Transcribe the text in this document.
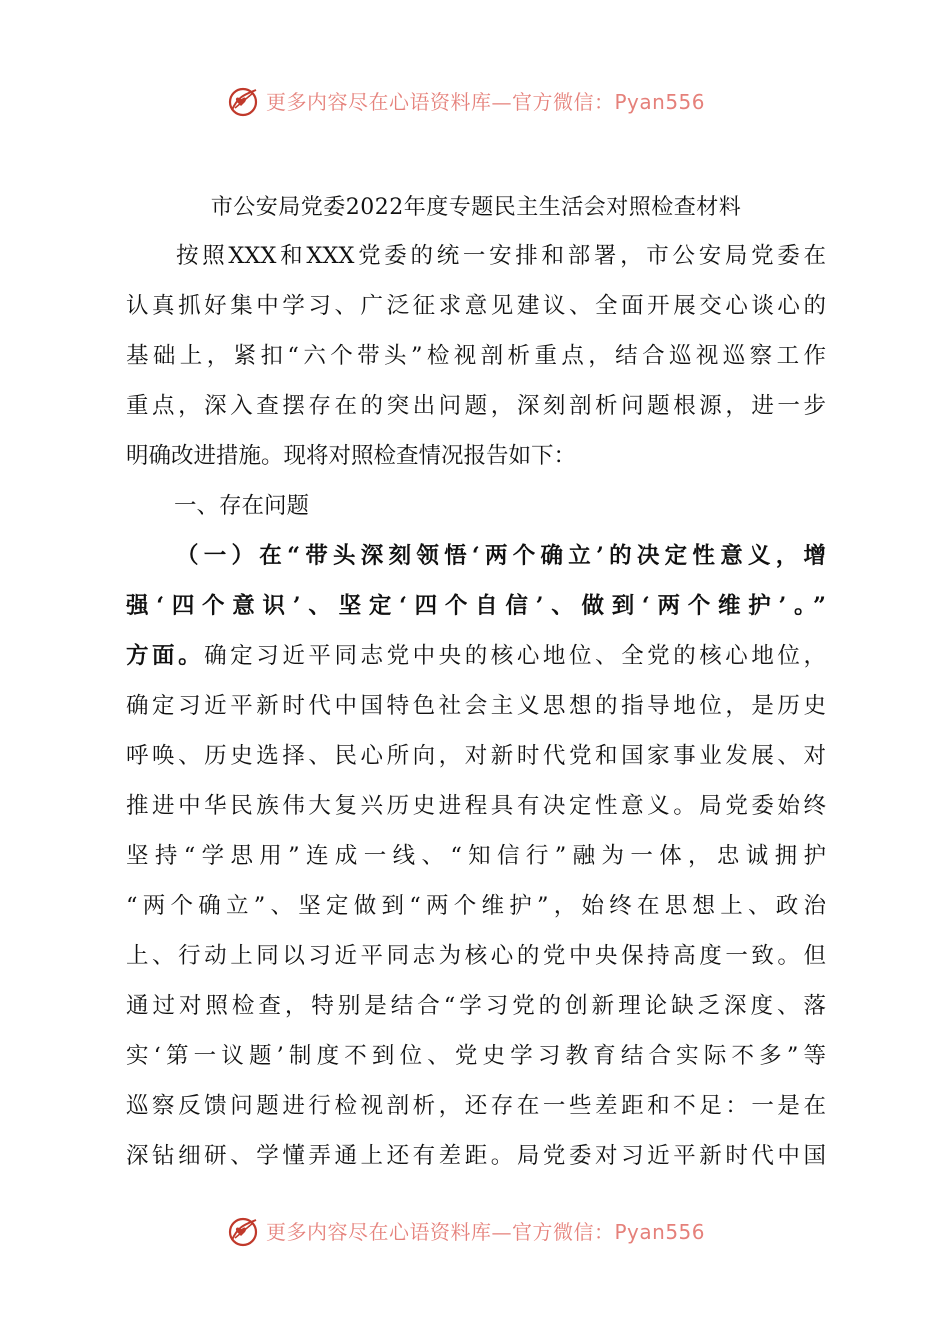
更多内容尽在心语资料库—官方微信：Pyan556
市公安局党委2022年度专题民主生活会对照检查材料
按照XXX和XXX党委的统一安排和部署，市公安局党委在
认真抓好集中学习、广泛征求意见建议、全面开展交心谈心的
基础上，紧扣“六个带头”检视剖析重点，结合巡视巡察工作
重点，深入查摆存在的突出问题，深刻剖析问题根源，进一步
明确改进措施。现将对照检查情况报告如下：
一、存在问题
（一）在“带头深刻领悟‘两个确立’的决定性意义，增
强‘四个意识’、坚定‘四个自信’、做到‘两个维护’。”
方面。确定习近平同志党中央的核心地位、全党的核心地位，
确定习近平新时代中国特色社会主义思想的指导地位，是历史
呼唤、历史选择、民心所向，对新时代党和国家事业发展、对
推进中华民族伟大复兴历史进程具有决定性意义。局党委始终
坚持“学思用”连成一线、“知信行”融为一体，忠诚拥护
“两个确立”、坚定做到“两个维护”，始终在思想上、政治
上、行动上同以习近平同志为核心的党中央保持高度一致。但
通过对照检查，特别是结合“学习党的创新理论缺乏深度、落
实‘第一议题’制度不到位、党史学习教育结合实际不多”等
巡察反馈问题进行检视剖析，还存在一些差距和不足：一是在
深钻细研、学懂弄通上还有差距。局党委对习近平新时代中国
更多内容尽在心语资料库—官方微信：Pyan556
